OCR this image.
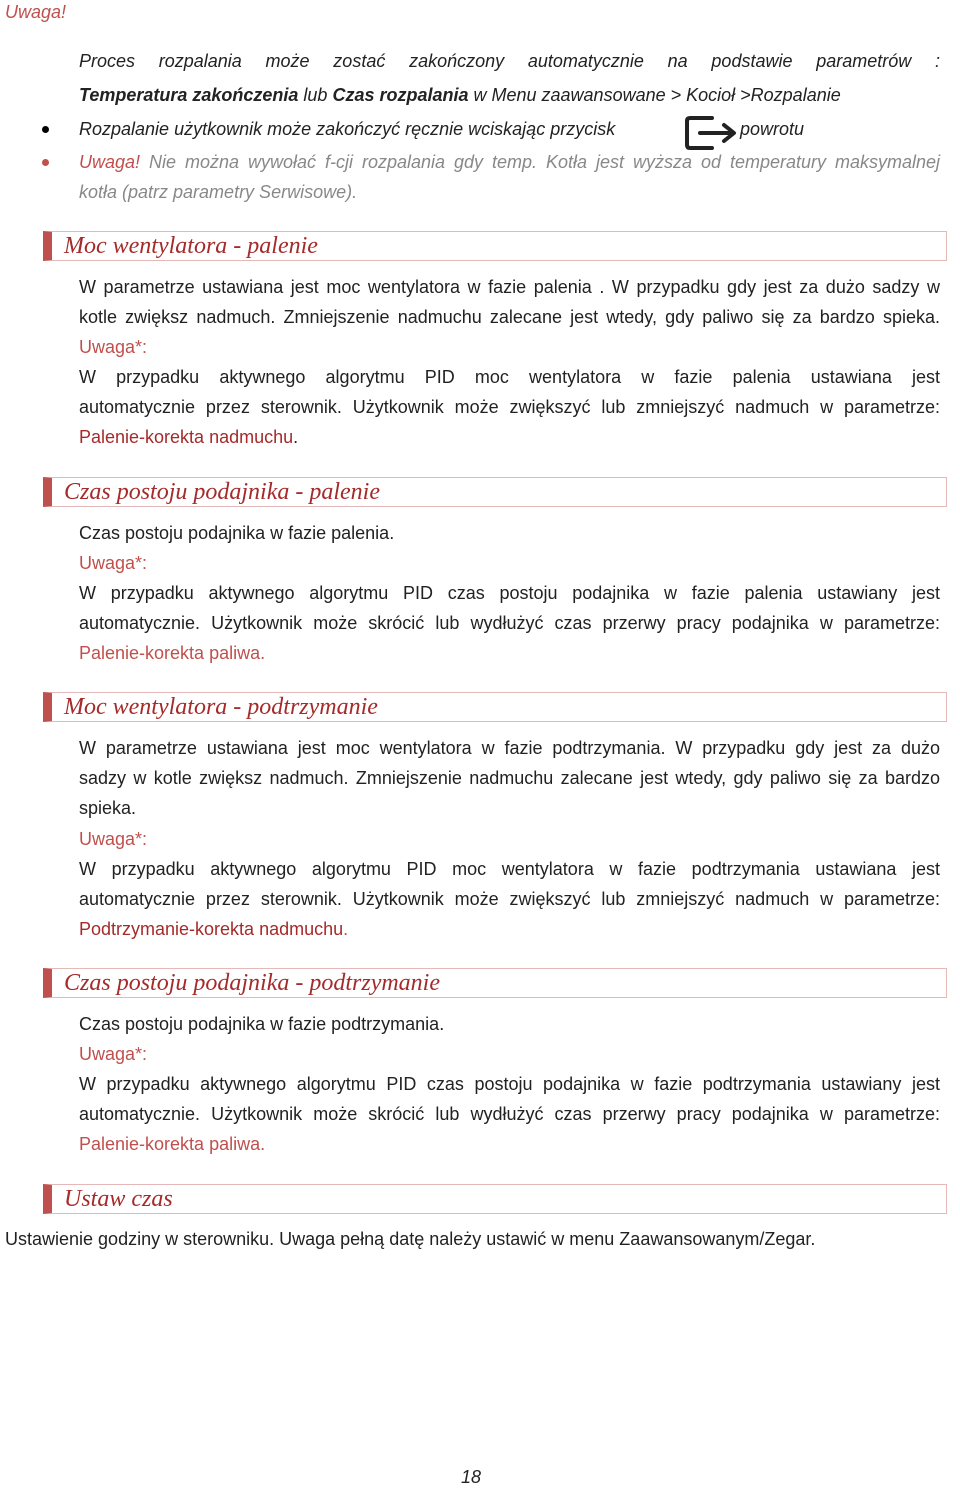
Uwaga!
Proces rozpalania może zostać zakończony automatycznie na podstawie parametrów :
Temperatura zakończenia lub Czas rozpalania w Menu zaawansowane > Kocioł >Rozpalanie
Rozpalanie użytkownik może zakończyć ręcznie wciskając przycisk	powrotu
Uwaga! Nie można wywołać f-cji rozpalania gdy temp. Kotła jest wyższa od temperatury maksymalnej
kotła (patrz parametry Serwisowe).
Moc wentylatora - palenie
W parametrze ustawiana jest moc wentylatora w fazie palenia . W przypadku gdy jest za dużo sadzy w
kotle zwiększ nadmuch. Zmniejszenie nadmuchu zalecane jest wtedy, gdy paliwo się za bardzo spieka.
Uwaga*:
W przypadku aktywnego algorytmu PID moc wentylatora w fazie palenia ustawiana jest
automatycznie przez sterownik. Użytkownik może zwiększyć lub zmniejszyć nadmuch w parametrze:
Palenie-korekta nadmuchu.
Czas postoju podajnika - palenie
Czas postoju podajnika w fazie palenia.
Uwaga*:
W przypadku aktywnego algorytmu PID czas postoju podajnika w fazie palenia ustawiany jest
automatycznie. Użytkownik może skrócić lub wydłużyć czas przerwy pracy podajnika w parametrze:
Palenie-korekta paliwa.
Moc wentylatora - podtrzymanie
W parametrze ustawiana jest moc wentylatora w fazie podtrzymania. W przypadku gdy jest za dużo
sadzy w kotle zwiększ nadmuch. Zmniejszenie nadmuchu zalecane jest wtedy, gdy paliwo się za bardzo
spieka.
Uwaga*:
W przypadku aktywnego algorytmu PID moc wentylatora w fazie podtrzymania ustawiana jest
automatycznie przez sterownik. Użytkownik może zwiększyć lub zmniejszyć nadmuch w parametrze:
Podtrzymanie-korekta nadmuchu.
Czas postoju podajnika - podtrzymanie
Czas postoju podajnika w fazie podtrzymania.
Uwaga*:
W przypadku aktywnego algorytmu PID czas postoju podajnika w fazie podtrzymania ustawiany jest
automatycznie. Użytkownik może skrócić lub wydłużyć czas przerwy pracy podajnika w parametrze:
Palenie-korekta paliwa.
Ustaw czas
Ustawienie godziny w sterowniku. Uwaga pełną datę należy ustawić w menu Zaawansowanym/Zegar.
18
